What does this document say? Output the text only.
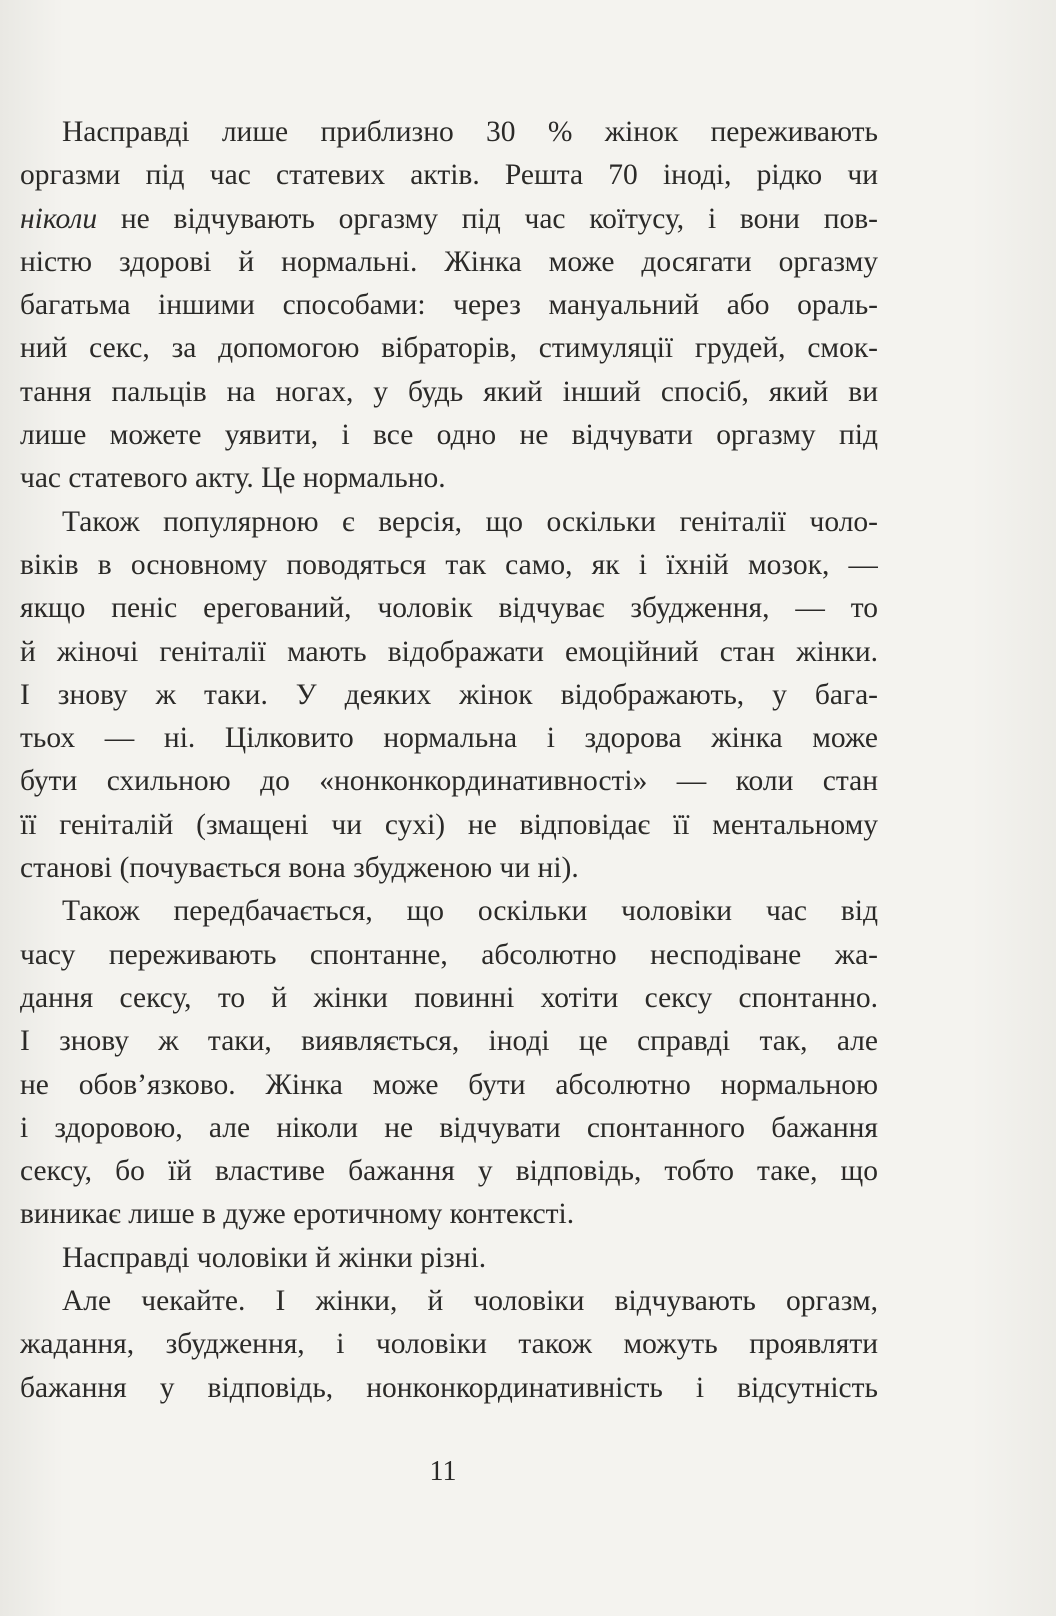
Насправді лише приблизно 30 % жінок переживають
оргазми під час статевих актів. Решта 70 іноді, рідко чи
ніколи не відчувають оргазму під час коїтусу, і вони пов-
ністю здорові й нормальні. Жінка може досягати оргазму
багатьма іншими способами: через мануальний або ораль-
ний секс, за допомогою вібраторів, стимуляції грудей, смок-
тання пальців на ногах, у будь який інший спосіб, який ви
лише можете уявити, і все одно не відчувати оргазму під
час статевого акту. Це нормально.
Також популярною є версія, що оскільки геніталії чоло-
віків в основному поводяться так само, як і їхній мозок, —
якщо пеніс ерегований, чоловік відчуває збудження, — то
й жіночі геніталії мають відображати емоційний стан жінки.
І знову ж таки. У деяких жінок відображають, у бага-
тьох — ні. Цілковито нормальна і здорова жінка може
бути схильною до «нонконкординативності» — коли стан
її геніталій (змащені чи сухі) не відповідає її ментальному
станові (почувається вона збудженою чи ні).
Також передбачається, що оскільки чоловіки час від
часу переживають спонтанне, абсолютно несподіване жа-
дання сексу, то й жінки повинні хотіти сексу спонтанно.
І знову ж таки, виявляється, іноді це справді так, але
не обов’язково. Жінка може бути абсолютно нормальною
і здоровою, але ніколи не відчувати спонтанного бажання
сексу, бо їй властиве бажання у відповідь, тобто таке, що
виникає лише в дуже еротичному контексті.
Насправді чоловіки й жінки різні.
Але чекайте. І жінки, й чоловіки відчувають оргазм,
жадання, збудження, і чоловіки також можуть проявляти
бажання у відповідь, нонконкординативність і відсутність
11
